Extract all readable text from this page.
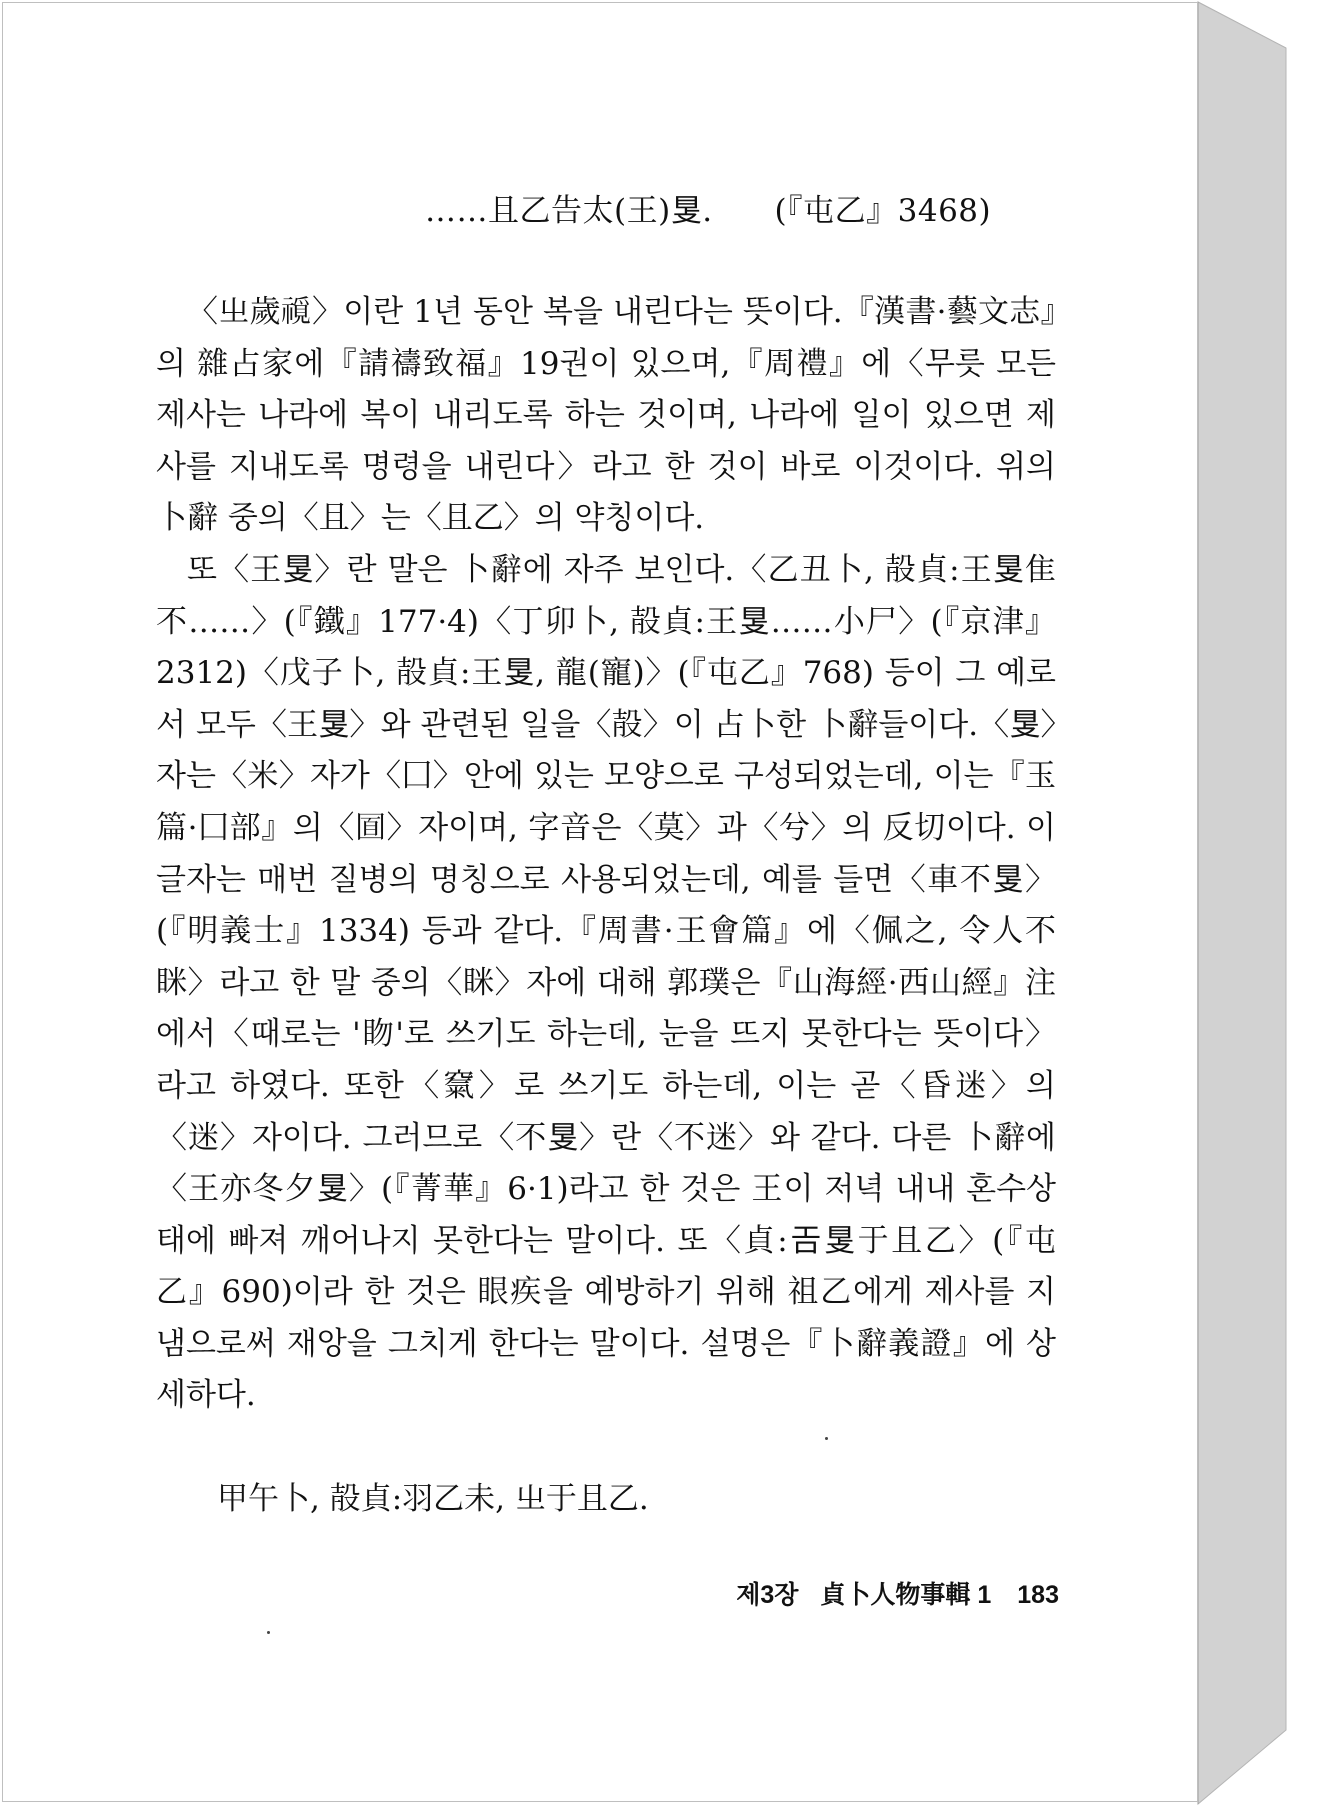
……且乙告太(王)𥄎. (『屯乙』3468)

〈㞢歲𥛟〉이란 1년 동안 복을 내린다는 뜻이다.『漢書·藝文志』의 雜占家에『請禱致福』19권이 있으며,『周禮』에〈무릇 모든 제사는 나라에 복이 내리도록 하는 것이며, 나라에 일이 있으면 제사를 지내도록 명령을 내린다〉라고 한 것이 바로 이것이다. 위의 卜辭 중의〈且〉는〈且乙〉의 약칭이다.

또〈王𥄎〉란 말은 卜辭에 자주 보인다.〈乙丑卜, 㱿貞:王𥄎隹不……〉(『鐵』177·4)〈丁卯卜, 㱿貞:王𥄎……小尸〉(『京津』2312)〈戊子卜, 㱿貞:王𥄎, 龍(寵)〉(『屯乙』768) 등이 그 예로서 모두〈王𥄎〉와 관련된 일을〈㱿〉이 占卜한 卜辭들이다.〈𥄎〉자는〈米〉자가〈囗〉안에 있는 모양으로 구성되었는데, 이는『玉篇·囗部』의〈𡇢〉자이며, 字音은〈莫〉과〈兮〉의 反切이다. 이 글자는 매번 질병의 명칭으로 사용되었는데, 예를 들면〈車不𥄎〉(『明義士』1334) 등과 같다.『周書·王會篇』에〈佩之, 令人不眯〉라고 한 말 중의〈眯〉자에 대해 郭璞은『山海經·西山經』注에서〈때로는 '䀛'로 쓰기도 하는데, 눈을 뜨지 못한다는 뜻이다〉라고 하였다. 또한〈𥧔〉로 쓰기도 하는데, 이는 곧〈昏迷〉의〈迷〉자이다. 그러므로〈不𥄎〉란〈不迷〉와 같다. 다른 卜辭에〈王亦冬夕𥄎〉(『菁華』6·1)라고 한 것은 王이 저녁 내내 혼수상태에 빠져 깨어나지 못한다는 말이다. 또〈貞:𢀛𥄎于且乙〉(『屯乙』690)이라 한 것은 眼疾을 예방하기 위해 祖乙에게 제사를 지냄으로써 재앙을 그치게 한다는 말이다. 설명은『卜辭義證』에 상세하다.

甲午卜, 㱿貞:羽乙未, 㞢于且乙.
제3장 貞卜人物事輯 1 183
